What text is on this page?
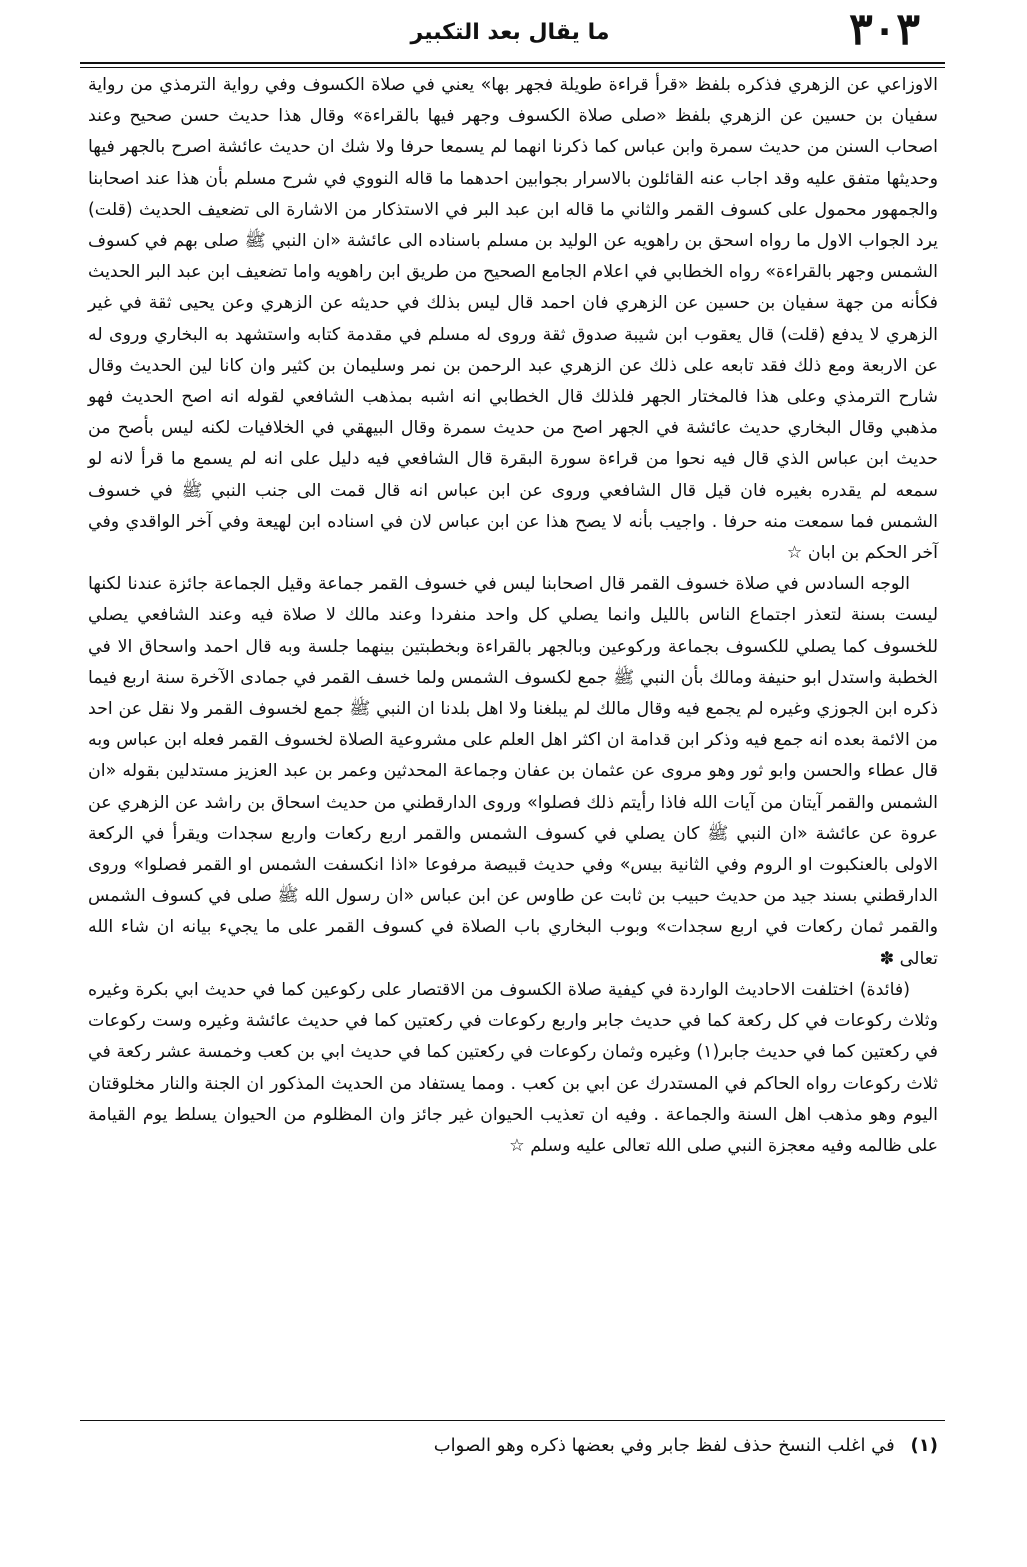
٣٠٣
ما يقال بعد التكبير

الاوزاعي عن الزهري فذكره بلفظ «قرأ قراءة طويلة فجهر بها» يعني في صلاة الكسوف وفي رواية الترمذي من رواية سفيان بن حسين عن الزهري بلفظ «صلى صلاة الكسوف وجهر فيها بالقراءة» وقال هذا حديث حسن صحيح وعند اصحاب السنن من حديث سمرة وابن عباس كما ذكرنا انهما لم يسمعا حرفا ولا شك ان حديث عائشة اصرح بالجهر فيها وحديثها متفق عليه وقد اجاب عنه القائلون بالاسرار بجوابين احدهما ما قاله النووي في شرح مسلم بأن هذا عند اصحابنا والجمهور محمول على كسوف القمر والثاني ما قاله ابن عبد البر في الاستذكار من الاشارة الى تضعيف الحديث (قلت) يرد الجواب الاول ما رواه اسحق بن راهويه عن الوليد بن مسلم باسناده الى عائشة «ان النبي ﷺ صلى بهم في كسوف الشمس وجهر بالقراءة» رواه الخطابي في اعلام الجامع الصحيح من طريق ابن راهويه واما تضعيف ابن عبد البر الحديث فكأنه من جهة سفيان بن حسين عن الزهري فان احمد قال ليس بذلك في حديثه عن الزهري وعن يحيى ثقة في غير الزهري لا يدفع (قلت) قال يعقوب ابن شيبة صدوق ثقة وروى له مسلم في مقدمة كتابه واستشهد به البخاري وروى له عن الاربعة ومع ذلك فقد تابعه على ذلك عن الزهري عبد الرحمن بن نمر وسليمان بن كثير وان كانا لين الحديث وقال شارح الترمذي وعلى هذا فالمختار الجهر فلذلك قال الخطابي انه اشبه بمذهب الشافعي لقوله انه اصح الحديث فهو مذهبي وقال البخاري حديث عائشة في الجهر اصح من حديث سمرة وقال البيهقي في الخلافيات لكنه ليس بأصح من حديث ابن عباس الذي قال فيه نحوا من قراءة سورة البقرة قال الشافعي فيه دليل على انه لم يسمع ما قرأ لانه لو سمعه لم يقدره بغيره فان قيل قال الشافعي وروى عن ابن عباس انه قال قمت الى جنب النبي ﷺ في خسوف الشمس فما سمعت منه حرفا . واجيب بأنه لا يصح هذا عن ابن عباس لان في اسناده ابن لهيعة وفي آخر الواقدي وفي آخر الحكم بن ابان ☆

الوجه السادس في صلاة خسوف القمر قال اصحابنا ليس في خسوف القمر جماعة وقيل الجماعة جائزة عندنا لكنها ليست بسنة لتعذر اجتماع الناس بالليل وانما يصلي كل واحد منفردا وعند مالك لا صلاة فيه وعند الشافعي يصلي للخسوف كما يصلي للكسوف بجماعة وركوعين وبالجهر بالقراءة وبخطبتين بينهما جلسة وبه قال احمد واسحاق الا في الخطبة واستدل ابو حنيفة ومالك بأن النبي ﷺ جمع لكسوف الشمس ولما خسف القمر في جمادى الآخرة سنة اربع فيما ذكره ابن الجوزي وغيره لم يجمع فيه وقال مالك لم يبلغنا ولا اهل بلدنا ان النبي ﷺ جمع لخسوف القمر ولا نقل عن احد من الائمة بعده انه جمع فيه وذكر ابن قدامة ان اكثر اهل العلم على مشروعية الصلاة لخسوف القمر فعله ابن عباس وبه قال عطاء والحسن وابو ثور وهو مروى عن عثمان بن عفان وجماعة المحدثين وعمر بن عبد العزيز مستدلين بقوله «ان الشمس والقمر آيتان من آيات الله فاذا رأيتم ذلك فصلوا» وروى الدارقطني من حديث اسحاق بن راشد عن الزهري عن عروة عن عائشة «ان النبي ﷺ كان يصلي في كسوف الشمس والقمر اربع ركعات واربع سجدات ويقرأ في الركعة الاولى بالعنكبوت او الروم وفي الثانية بيس» وفي حديث قبيصة مرفوعا «اذا انكسفت الشمس او القمر فصلوا» وروى الدارقطني بسند جيد من حديث حبيب بن ثابت عن طاوس عن ابن عباس «ان رسول الله ﷺ صلى في كسوف الشمس والقمر ثمان ركعات في اربع سجدات» وبوب البخاري باب الصلاة في كسوف القمر على ما يجيء بيانه ان شاء الله تعالى ✽

(فائدة) اختلفت الاحاديث الواردة في كيفية صلاة الكسوف من الاقتصار على ركوعين كما في حديث ابي بكرة وغيره وثلاث ركوعات في كل ركعة كما في حديث جابر واربع ركوعات في ركعتين كما في حديث عائشة وغيره وست ركوعات في ركعتين كما في حديث جابر(١) وغيره وثمان ركوعات في ركعتين كما في حديث ابي بن كعب وخمسة عشر ركعة في ثلاث ركوعات رواه الحاكم في المستدرك عن ابي بن كعب . ومما يستفاد من الحديث المذكور ان الجنة والنار مخلوقتان اليوم وهو مذهب اهل السنة والجماعة . وفيه ان تعذيب الحيوان غير جائز وان المظلوم من الحيوان يسلط يوم القيامة على ظالمه وفيه معجزة النبي صلى الله تعالى عليه وسلم ☆

(١) في اغلب النسخ حذف لفظ جابر وفي بعضها ذكره وهو الصواب
